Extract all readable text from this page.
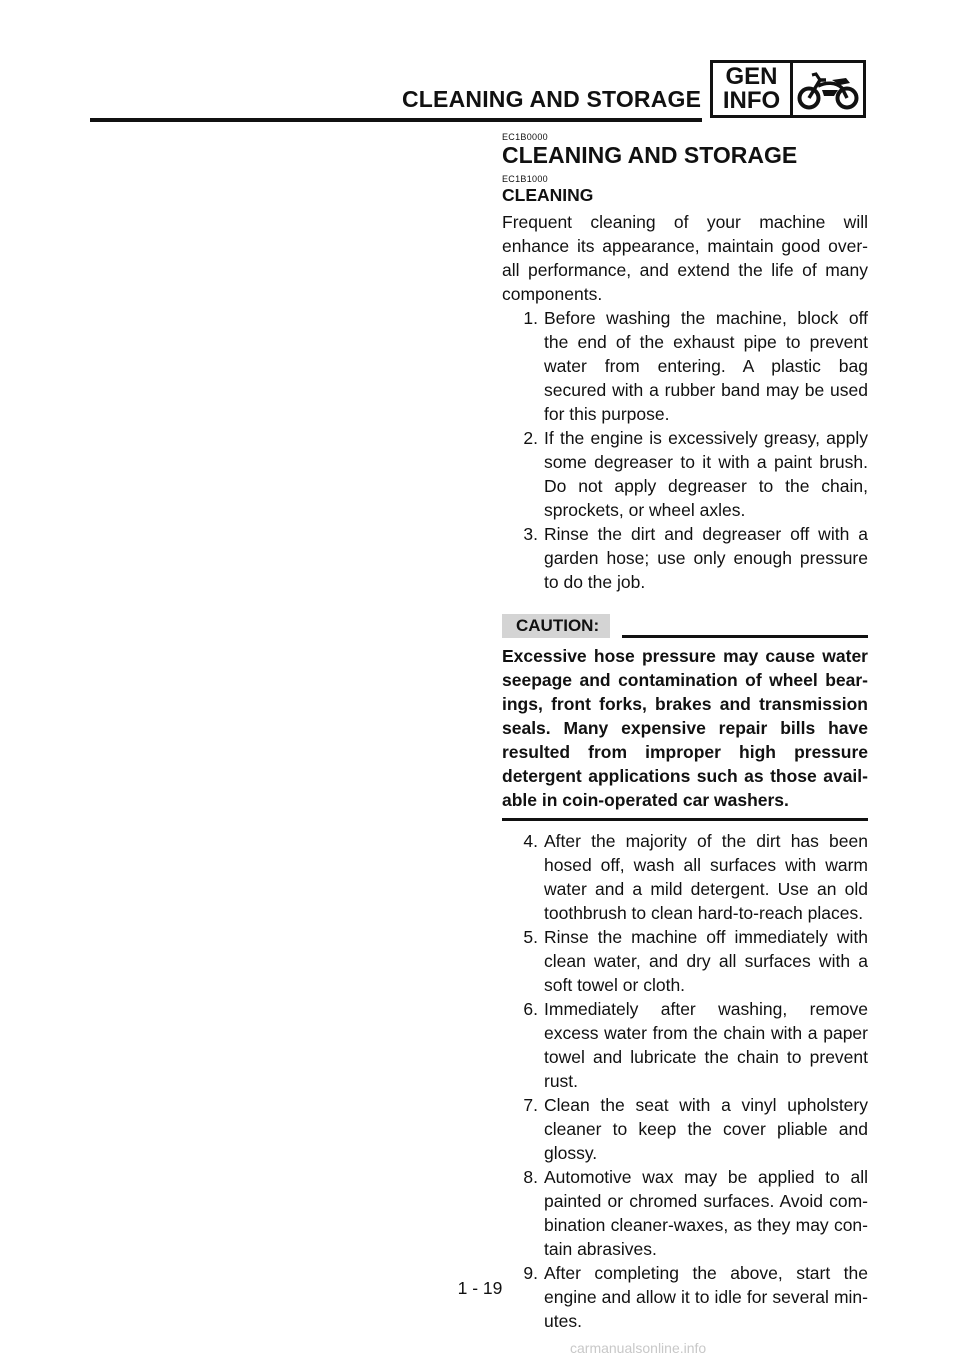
CLEANING AND STORAGE
GEN
INFO
EC1B0000
CLEANING AND STORAGE
EC1B1000
CLEANING

Frequent cleaning of your machine will enhance its appearance, maintain good over-all performance, and extend the life of many components.

1. Before washing the machine, block off the end of the exhaust pipe to prevent water from entering. A plastic bag secured with a rubber band may be used for this purpose.
2. If the engine is excessively greasy, apply some degreaser to it with a paint brush. Do not apply degreaser to the chain, sprockets, or wheel axles.
3. Rinse the dirt and degreaser off with a garden hose; use only enough pressure to do the job.
CAUTION:
Excessive hose pressure may cause water seepage and contamination of wheel bear-ings, front forks, brakes and transmission seals. Many expensive repair bills have resulted from improper high pressure detergent applications such as those avail-able in coin-operated car washers.
4. After the majority of the dirt has been hosed off, wash all surfaces with warm water and a mild detergent. Use an old toothbrush to clean hard-to-reach places.
5. Rinse the machine off immediately with clean water, and dry all surfaces with a soft towel or cloth.
6. Immediately after washing, remove excess water from the chain with a paper towel and lubricate the chain to prevent rust.
7. Clean the seat with a vinyl upholstery cleaner to keep the cover pliable and glossy.
8. Automotive wax may be applied to all painted or chromed surfaces. Avoid com-bination cleaner-waxes, as they may con-tain abrasives.
9. After completing the above, start the engine and allow it to idle for several min-utes.
1 - 19
carmanualsonline.info
